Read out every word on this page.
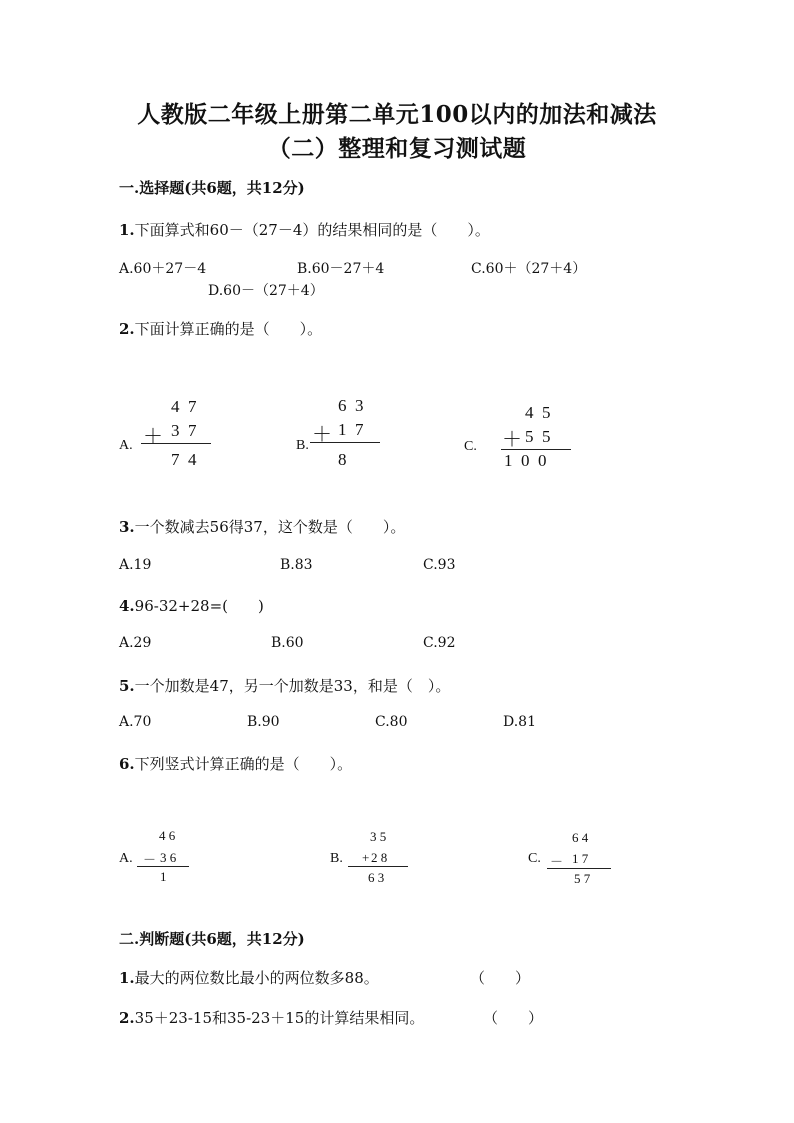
人教版二年级上册第二单元100以内的加法和减法
（二）整理和复习测试题
一.选择题(共6题，共12分)
1.下面算式和60－（27－4）的结果相同的是（　　）。
A.60＋27－4	B.60－27＋4	C.60＋（27＋4）
D.60－（27＋4）
2.下面计算正确的是（　　）。
A.
4  7
＋ 3  7
7  4
B.
6  3
＋ 1  7
8
C.
4  5
＋ 5  5
1  0  0
3.一个数减去56得37，这个数是（　　）。
A.19	B.83	C.93
4.96-32+28=(　　)
A.29	B.60	C.92
5.一个加数是47，另一个加数是33，和是（　）。
A.70	B.90	C.80	D.81
6.下列竖式计算正确的是（　　）。
A.
4 6
－ 3 6
1
B.
3 5
+ 2 8
6 3
C.
6 4
－ 1 7
5 7
二.判断题(共6题，共12分)
1.最大的两位数比最小的两位数多88。	（　　）
2.35＋23-15和35-23＋15的计算结果相同。	（　　）
